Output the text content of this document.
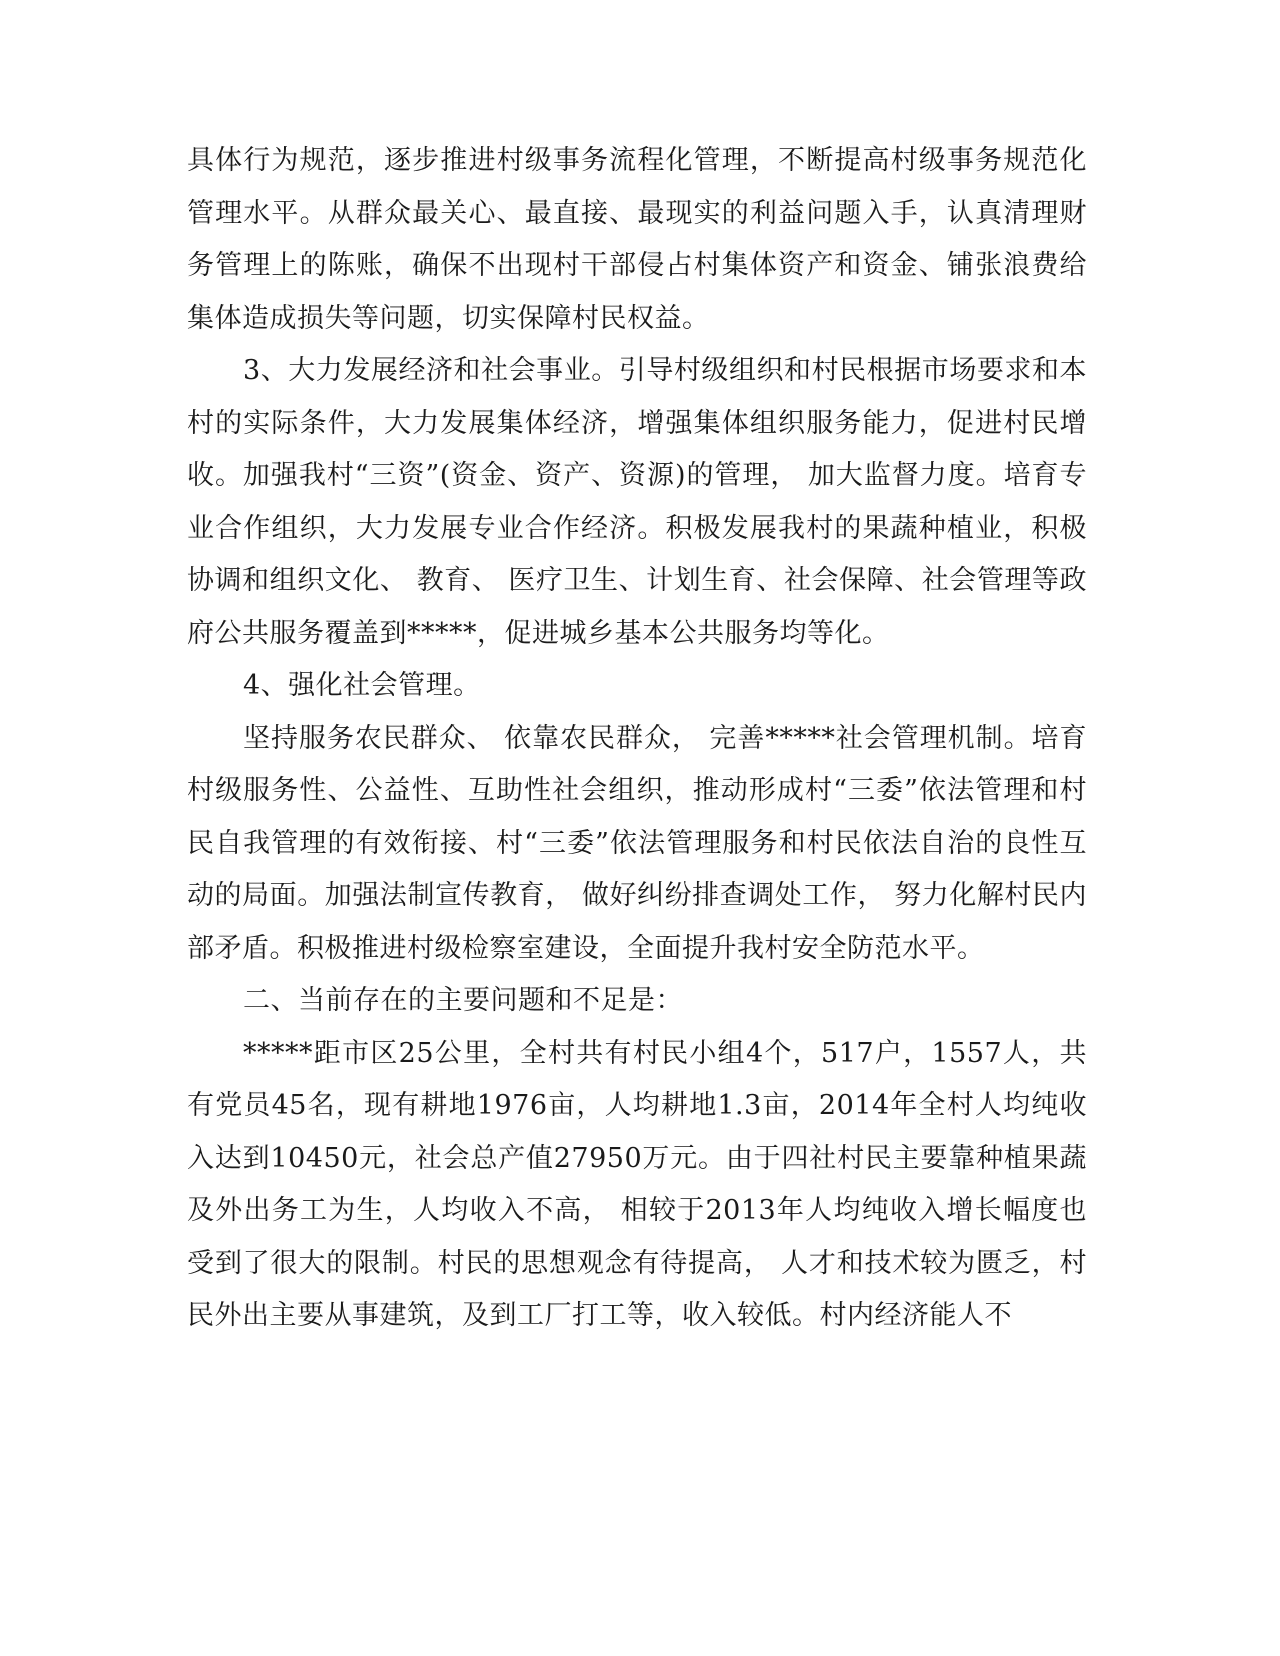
具体行为规范，逐步推进村级事务流程化管理，不断提高村级事务规范化管理水平。从群众最关心、最直接、最现实的利益问题入手，认真清理财务管理上的陈账，确保不出现村干部侵占村集体资产和资金、铺张浪费给集体造成损失等问题，切实保障村民权益。

3、大力发展经济和社会事业。引导村级组织和村民根据市场要求和本村的实际条件，大力发展集体经济，增强集体组织服务能力，促进村民增收。加强我村“三资”(资金、资产、资源)的管理， 加大监督力度。培育专业合作组织，大力发展专业合作经济。积极发展我村的果蔬种植业，积极协调和组织文化、 教育、 医疗卫生、计划生育、社会保障、社会管理等政府公共服务覆盖到*****，促进城乡基本公共服务均等化。

4、强化社会管理。

坚持服务农民群众、 依靠农民群众， 完善*****社会管理机制。培育村级服务性、公益性、互助性社会组织，推动形成村“三委”依法管理和村民自我管理的有效衔接、村“三委”依法管理服务和村民依法自治的良性互动的局面。加强法制宣传教育， 做好纠纷排查调处工作， 努力化解村民内部矛盾。积极推进村级检察室建设，全面提升我村安全防范水平。

二、当前存在的主要问题和不足是：

*****距市区25公里，全村共有村民小组4个，517户，1557人，共有党员45名，现有耕地1976亩，人均耕地1.3亩，2014年全村人均纯收入达到10450元，社会总产值27950万元。由于四社村民主要靠种植果蔬及外出务工为生，人均收入不高， 相较于2013年人均纯收入增长幅度也受到了很大的限制。村民的思想观念有待提高， 人才和技术较为匮乏，村民外出主要从事建筑，及到工厂打工等，收入较低。村内经济能人不
